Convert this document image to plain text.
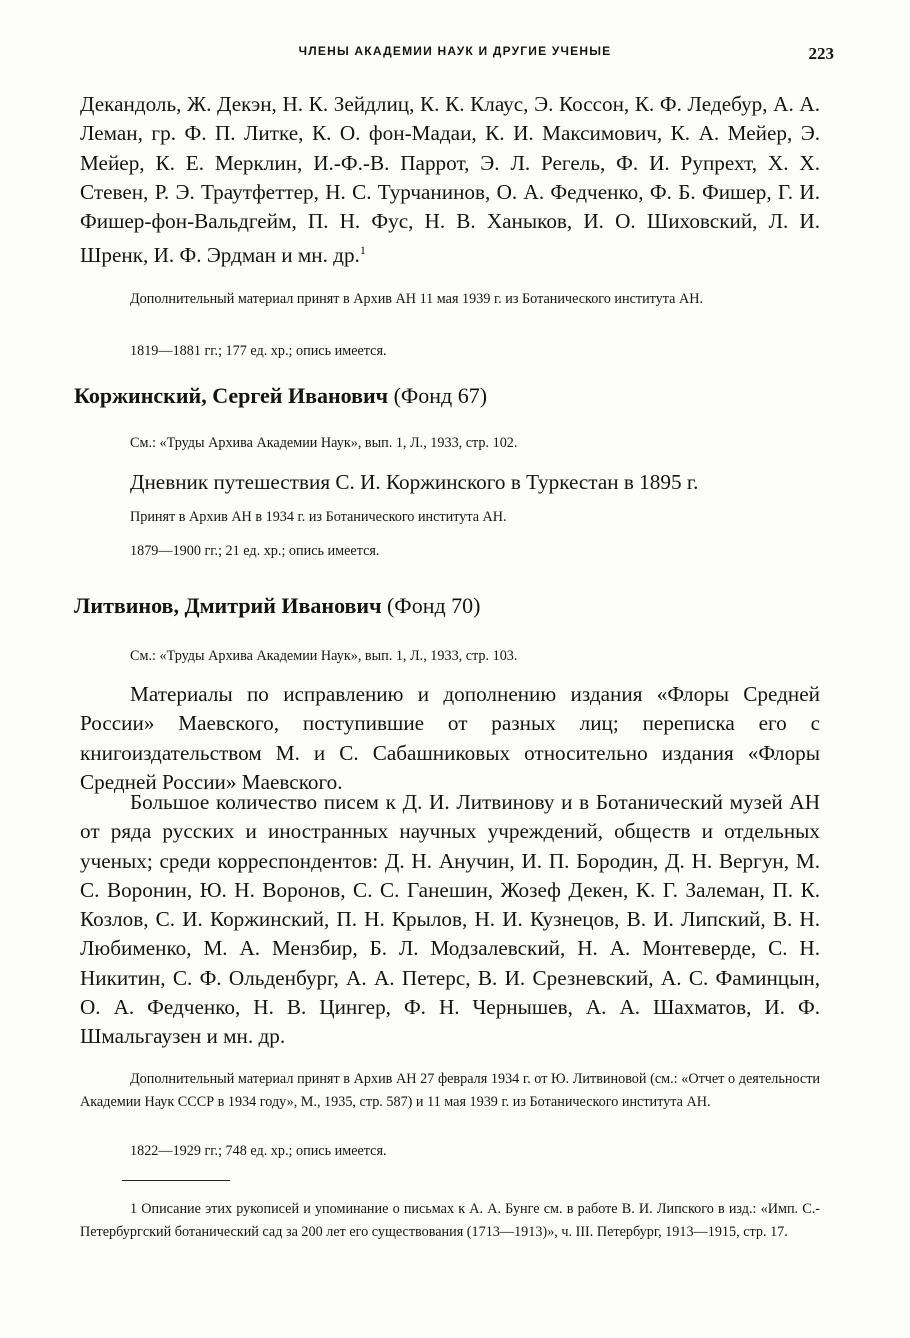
ЧЛЕНЫ АКАДЕМИИ НАУК И ДРУГИЕ УЧЕНЫЕ	223

Декандоль, Ж. Декэн, Н. К. Зейдлиц, К. К. Клаус, Э. Коссон, К. Ф. Ледебур, А. А. Леман, гр. Ф. П. Литке, К. О. фон-Мадаи, К. И. Максимович, К. А. Мейер, Э. Мейер, К. Е. Мерклин, И.-Ф.-В. Паррот, Э. Л. Регель, Ф. И. Рупрехт, Х. Х. Стевен, Р. Э. Траутфеттер, Н. С. Турчанинов, О. А. Федченко, Ф. Б. Фишер, Г. И. Фишер-фон-Вальдгейм, П. Н. Фус, Н. В. Ханыков, И. О. Шиховский, Л. И. Шренк, И. Ф. Эрдман и мн. др.$^1$

Дополнительный материал принят в Архив АН 11 мая 1939 г. из Ботанического института АН.

1819—1881 гг.; 177 ед. хр.; опись имеется.

Коржинский, Сергей Иванович (Фонд 67)

См.: «Труды Архива Академии Наук», вып. 1, Л., 1933, стр. 102.

Дневник путешествия С. И. Коржинского в Туркестан в 1895 г.

Принят в Архив АН в 1934 г. из Ботанического института АН.

1879—1900 гг.; 21 ед. хр.; опись имеется.

Литвинов, Дмитрий Иванович (Фонд 70)

См.: «Труды Архива Академии Наук», вып. 1, Л., 1933, стр. 103.

Материалы по исправлению и дополнению издания «Флоры Средней России» Маевского, поступившие от разных лиц; переписка его с книгоиздательством М. и С. Сабашниковых относительно издания «Флоры Средней России» Маевского.

Большое количество писем к Д. И. Литвинову и в Ботанический музей АН от ряда русских и иностранных научных учреждений, обществ и отдельных ученых; среди корреспондентов: Д. Н. Анучин, И. П. Бородин, Д. Н. Вергун, М. С. Воронин, Ю. Н. Воронов, С. С. Ганешин, Жозеф Декен, К. Г. Залеман, П. К. Козлов, С. И. Коржинский, П. Н. Крылов, Н. И. Кузнецов, В. И. Липский, В. Н. Любименко, М. А. Мензбир, Б. Л. Модзалевский, Н. А. Монтеверде, С. Н. Никитин, С. Ф. Ольденбург, А. А. Петерс, В. И. Срезневский, А. С. Фаминцын, О. А. Федченко, Н. В. Цингер, Ф. Н. Чернышев, А. А. Шахматов, И. Ф. Шмальгаузен и мн. др.

Дополнительный материал принят в Архив АН 27 февраля 1934 г. от Ю. Литвиновой (см.: «Отчет о деятельности Академии Наук СССР в 1934 году», М., 1935, стр. 587) и 11 мая 1939 г. из Ботанического института АН.

1822—1929 гг.; 748 ед. хр.; опись имеется.

1 Описание этих рукописей и упоминание о письмах к А. А. Бунге см. в работе В. И. Липского в изд.: «Имп. С.-Петербургский ботанический сад за 200 лет его существования (1713—1913)», ч. III. Петербург, 1913—1915, стр. 17.
